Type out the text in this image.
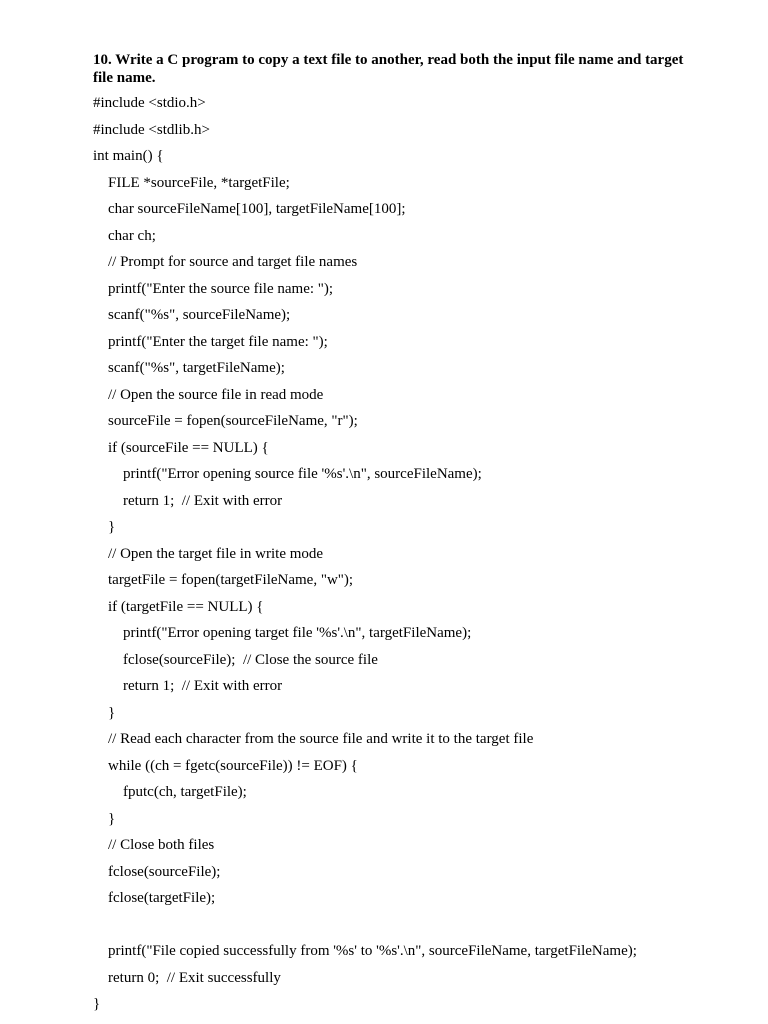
10. Write a C program to copy a text file to another, read both the input file name and target file name.
#include <stdio.h>
#include <stdlib.h>
int main() {
FILE *sourceFile, *targetFile;
char sourceFileName[100], targetFileName[100];
char ch;
// Prompt for source and target file names
printf("Enter the source file name: ");
scanf("%s", sourceFileName);
printf("Enter the target file name: ");
scanf("%s", targetFileName);
// Open the source file in read mode
sourceFile = fopen(sourceFileName, "r");
if (sourceFile == NULL) {
printf("Error opening source file '%s'.\n", sourceFileName);
return 1;  // Exit with error
}
// Open the target file in write mode
targetFile = fopen(targetFileName, "w");
if (targetFile == NULL) {
printf("Error opening target file '%s'.\n", targetFileName);
fclose(sourceFile);  // Close the source file
return 1;  // Exit with error
}
// Read each character from the source file and write it to the target file
while ((ch = fgetc(sourceFile)) != EOF) {
fputc(ch, targetFile);
}
// Close both files
fclose(sourceFile);
fclose(targetFile);
printf("File copied successfully from '%s' to '%s'.\n", sourceFileName, targetFileName);
return 0;  // Exit successfully
}
